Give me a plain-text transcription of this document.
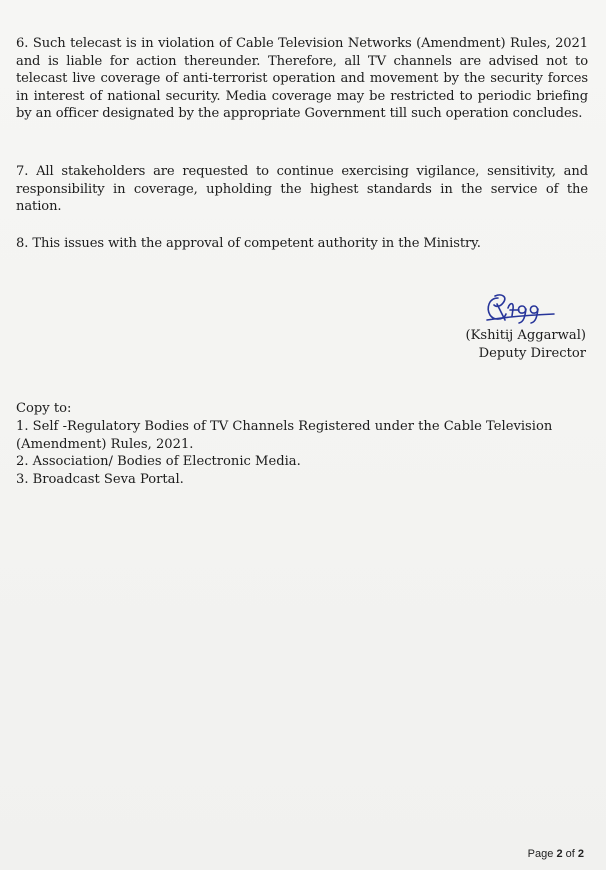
6. Such telecast is in violation of Cable Television Networks (Amendment) Rules, 2021 and is liable for action thereunder. Therefore, all TV channels are advised not to telecast live coverage of anti-terrorist operation and movement by the security forces in interest of national security. Media coverage may be restricted to periodic briefing by an officer designated by the appropriate Government till such operation concludes.

7. All stakeholders are requested to continue exercising vigilance, sensitivity, and responsibility in coverage, upholding the highest standards in the service of the nation.

8. This issues with the approval of competent authority in the Ministry.

(Kshitij Aggarwal)
Deputy Director
Copy to:
1. Self -Regulatory Bodies of TV Channels Registered under the Cable Television (Amendment) Rules, 2021.
2. Association/ Bodies of Electronic Media.
3. Broadcast Seva Portal.
Page 2 of 2
